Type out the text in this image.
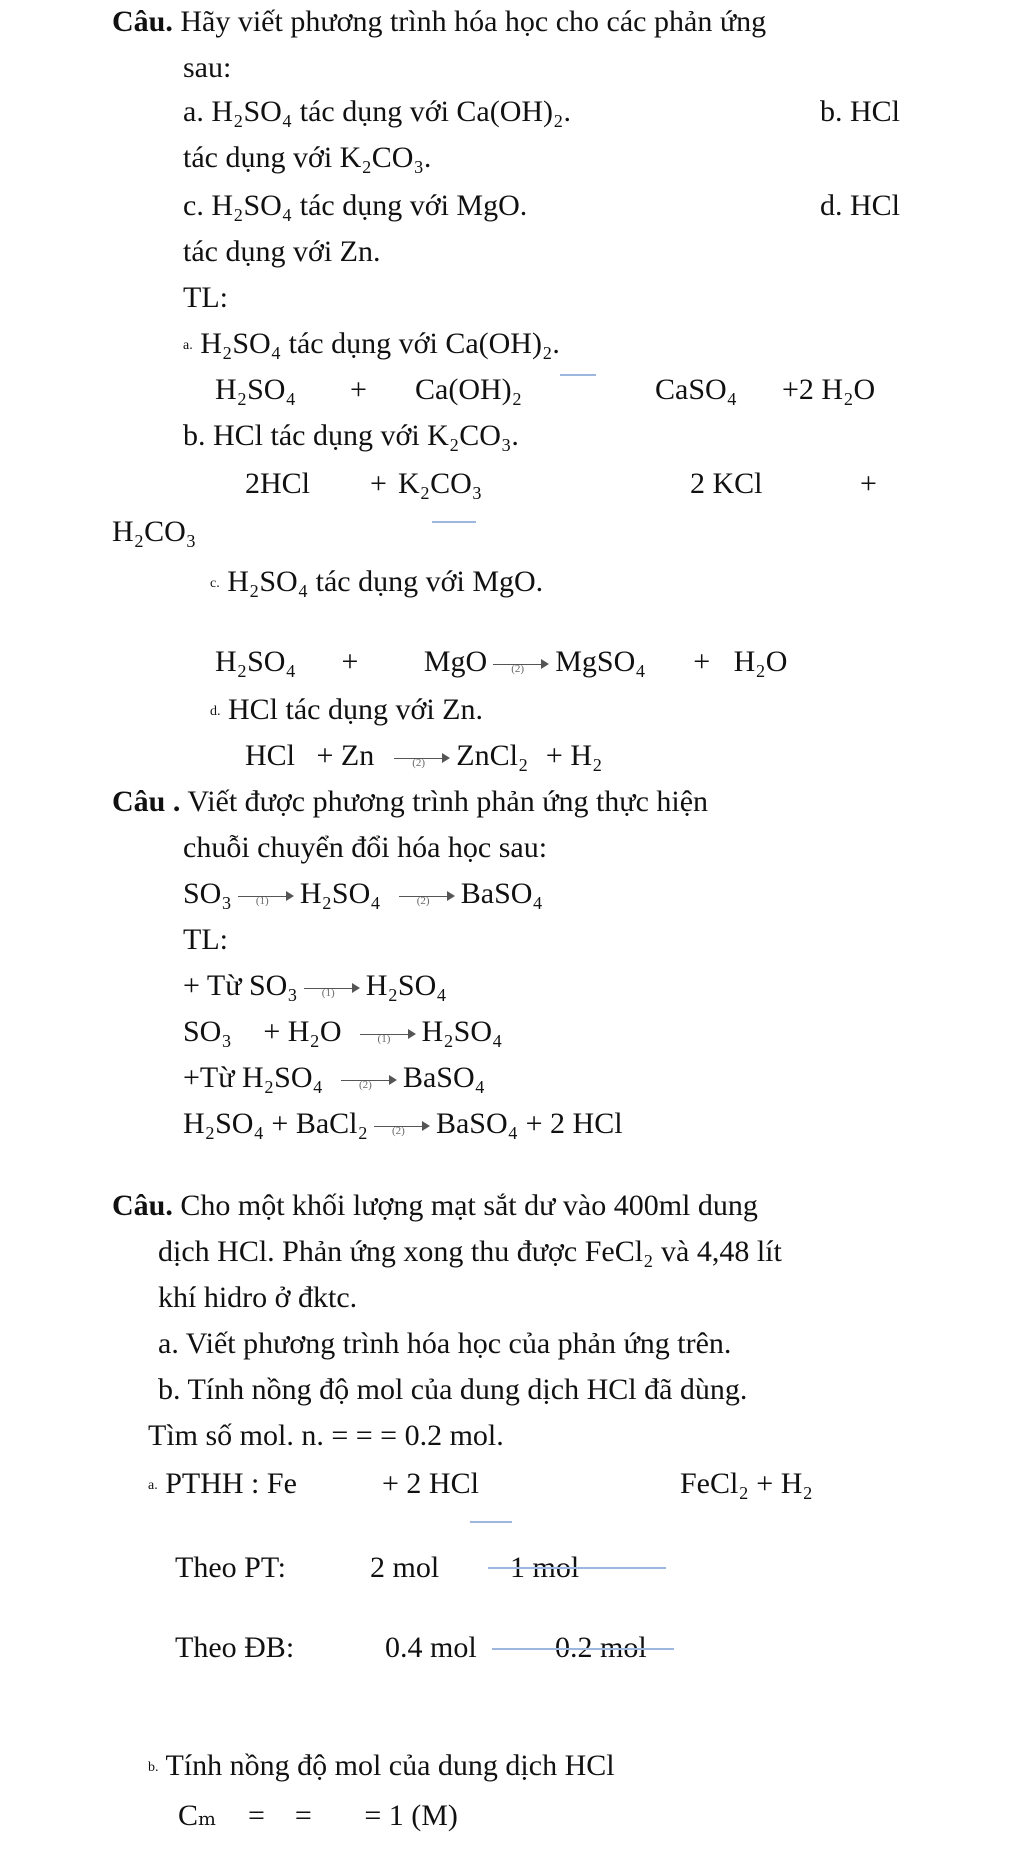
Câu. Hãy viết phương trình hóa học cho các phản ứng
sau:
a. H₂SO₄ tác dụng với Ca(OH)₂.	b. HCl
tác dụng với K₂CO₃.
c. H₂SO₄ tác dụng với MgO.	d. HCl
tác dụng với Zn.
TL:
a. H₂SO₄ tác dụng với Ca(OH)₂.
H₂SO₄ + Ca(OH)₂	CaSO₄ +2 H₂O
b. HCl tác dụng với K₂CO₃.
2HCl + K₂CO₃	2 KCl	+
H₂CO₃
c. H₂SO₄ tác dụng với MgO.
H₂SO₄ + MgO (2) MgSO₄ + H₂O
d. HCl tác dụng với Zn.
HCl + Zn	(2) ZnCl₂ + H₂
Câu . Viết được phương trình phản ứng thực hiện
chuỗi chuyển đổi hóa học sau:
SO₃ (1) H₂SO₄	(2) BaSO₄
TL:
+ Từ SO₃ (1) H₂SO₄
SO₃ + H₂O	(1) H₂SO₄
+Từ H₂SO₄	(2) BaSO₄
H₂SO₄ + BaCl₂ (2) BaSO₄ + 2 HCl
Câu. Cho một khối lượng mạt sắt dư vào 400ml dung
dịch HCl. Phản ứng xong thu được FeCl₂ và 4,48 lít
khí hidro ở đktc.
a. Viết phương trình hóa học của phản ứng trên.
b. Tính nồng độ mol của dung dịch HCl đã dùng.
Tìm số mol. n. = = = 0.2 mol.
a. PTHH : Fe	+ 2 HCl	FeCl₂ + H₂
Theo PT:	2 mol 1 mol
Theo ĐB:	0.4 mol	0.2 mol
b. Tính nồng độ mol của dung dịch HCl
Cₘ =    =       = 1 (M)
